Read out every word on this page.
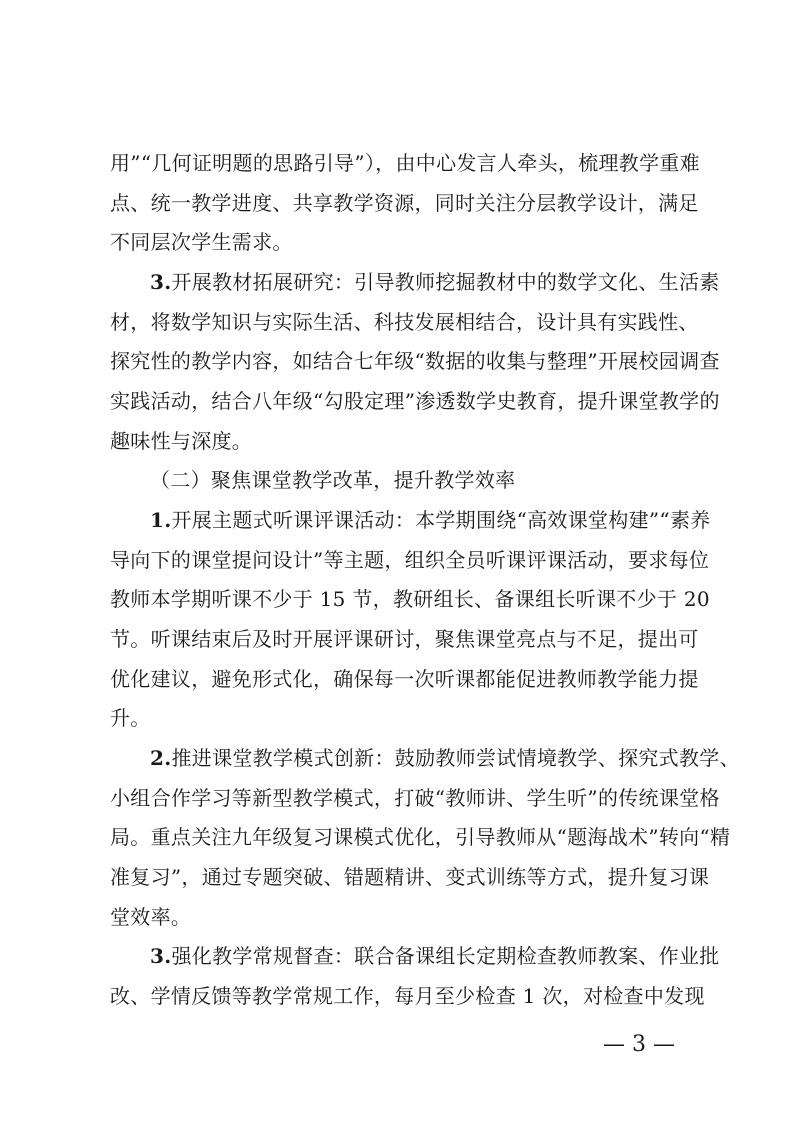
用”“几何证明题的思路引导”），由中心发言人牵头，梳理教学重难
点、统一教学进度、共享教学资源，同时关注分层教学设计，满足
不同层次学生需求。
3.开展教材拓展研究：引导教师挖掘教材中的数学文化、生活素
材，将数学知识与实际生活、科技发展相结合，设计具有实践性、
探究性的教学内容，如结合七年级“数据的收集与整理”开展校园调查
实践活动，结合八年级“勾股定理”渗透数学史教育，提升课堂教学的
趣味性与深度。
（二）聚焦课堂教学改革，提升教学效率
1.开展主题式听课评课活动：本学期围绕“高效课堂构建”“素养
导向下的课堂提问设计”等主题，组织全员听课评课活动，要求每位
教师本学期听课不少于 15 节，教研组长、备课组长听课不少于 20
节。听课结束后及时开展评课研讨，聚焦课堂亮点与不足，提出可
优化建议，避免形式化，确保每一次听课都能促进教师教学能力提
升。
2.推进课堂教学模式创新：鼓励教师尝试情境教学、探究式教学、
小组合作学习等新型教学模式，打破“教师讲、学生听”的传统课堂格
局。重点关注九年级复习课模式优化，引导教师从“题海战术”转向“精
准复习”，通过专题突破、错题精讲、变式训练等方式，提升复习课
堂效率。
3.强化教学常规督查：联合备课组长定期检查教师教案、作业批
改、学情反馈等教学常规工作，每月至少检查 1 次，对检查中发现
— 3 —
